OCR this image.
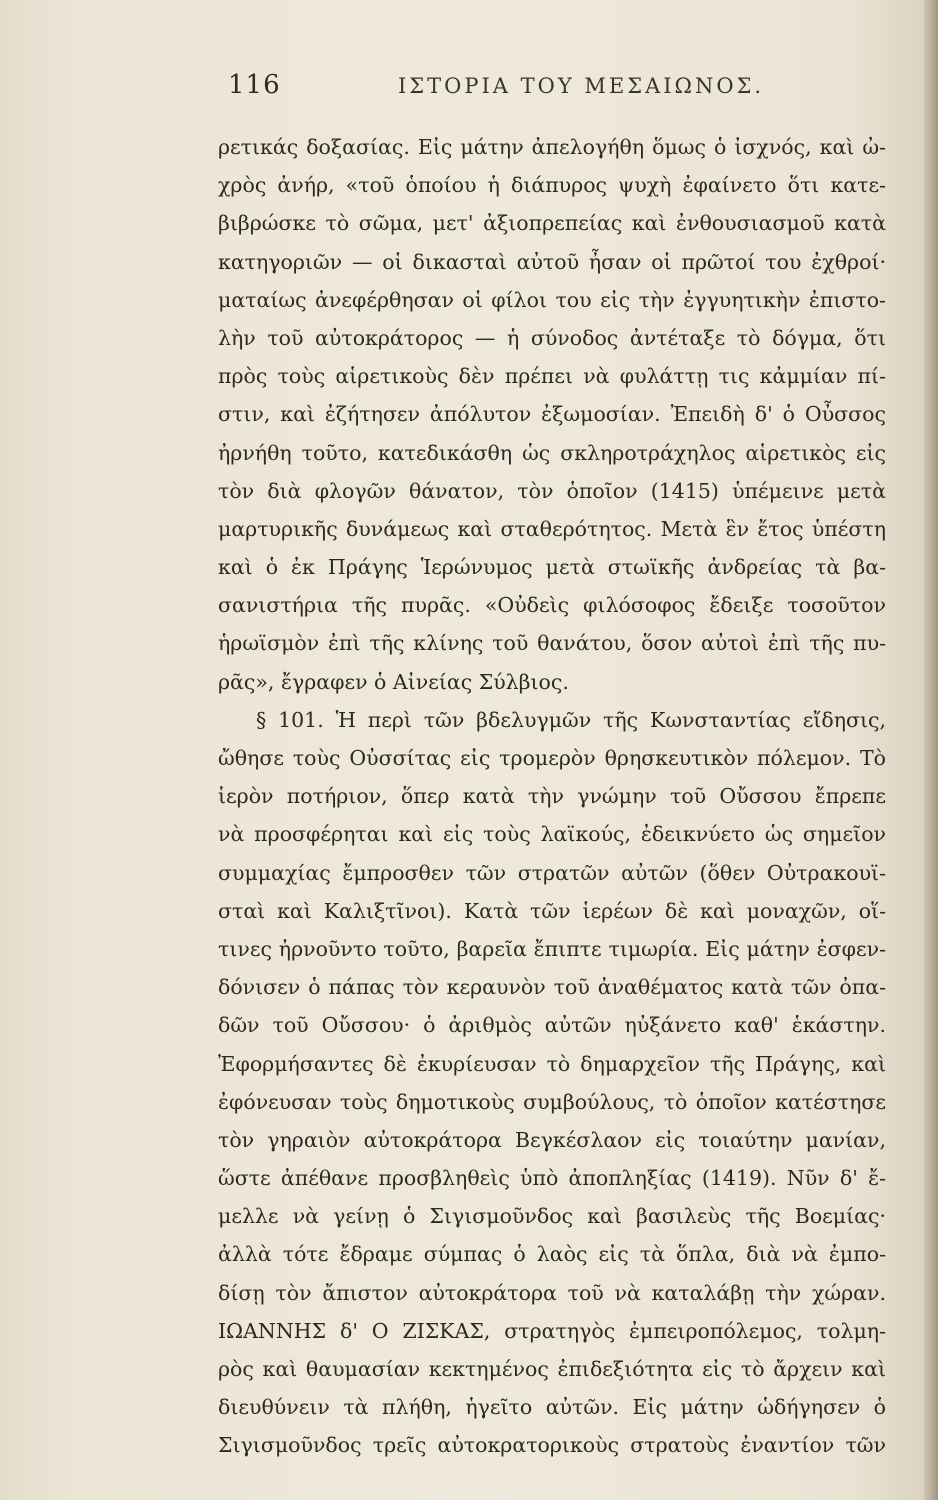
116	ΙΣΤΟΡΙΑ ΤΟΥ ΜΕΣΑΙΩΝΟΣ.
ρετικάς δοξασίας. Εἰς μάτην ἀπελογήθη ὅμως ὁ ἰσχνός, καὶ ὠ-
χρὸς ἀνήρ, «τοῦ ὁποίου ἡ διάπυρος ψυχὴ ἐφαίνετο ὅτι κατε-
βιβρώσκε τὸ σῶμα, μετ' ἀξιοπρεπείας καὶ ἐνθουσιασμοῦ κατὰ
κατηγοριῶν — οἱ δικασταὶ αὐτοῦ ἦσαν οἱ πρῶτοί του ἐχθροί·
ματαίως ἀνεφέρθησαν οἱ φίλοι του εἰς τὴν ἐγγυητικὴν ἐπιστο-
λὴν τοῦ αὐτοκράτορος — ἡ σύνοδος ἀντέταξε τὸ δόγμα, ὅτι
πρὸς τοὺς αἱρετικοὺς δὲν πρέπει νὰ φυλάττῃ τις κἀμμίαν πί-
στιν, καὶ ἐζήτησεν ἀπόλυτον ἐξωμοσίαν. Ἐπειδὴ δ' ὁ Οὖσσος
ἠρνήθη τοῦτο, κατεδικάσθη ὡς σκληροτράχηλος αἱρετικὸς εἰς
τὸν διὰ φλογῶν θάνατον, τὸν ὁποῖον (1415) ὑπέμεινε μετὰ
μαρτυρικῆς δυνάμεως καὶ σταθερότητος. Μετὰ ἓν ἔτος ὑπέστη
καὶ ὁ ἐκ Πράγης Ἱερώνυμος μετὰ στωϊκῆς ἀνδρείας τὰ βα-
σανιστήρια τῆς πυρᾶς. «Οὐδεὶς φιλόσοφος ἔδειξε τοσοῦτον
ἡρωϊσμὸν ἐπὶ τῆς κλίνης τοῦ θανάτου, ὅσον αὐτοὶ ἐπὶ τῆς πυ-
ρᾶς», ἔγραφεν ὁ Αἰνείας Σύλβιος.
§ 101. Ἡ περὶ τῶν βδελυγμῶν τῆς Κωνσταντίας εἴδησις,
ὤθησε τοὺς Οὐσσίτας εἰς τρομερὸν θρησκευτικὸν πόλεμον. Τὸ
ἱερὸν ποτήριον, ὅπερ κατὰ τὴν γνώμην τοῦ Οὔσσου ἔπρεπε
νὰ προσφέρηται καὶ εἰς τοὺς λαϊκούς, ἐδεικνύετο ὡς σημεῖον
συμμαχίας ἔμπροσθεν τῶν στρατῶν αὐτῶν (ὅθεν Οὐτρακουϊ-
σταὶ καὶ Καλιξτῖνοι). Κατὰ τῶν ἱερέων δὲ καὶ μοναχῶν, οἵ-
τινες ἠρνοῦντο τοῦτο, βαρεῖα ἔπιπτε τιμωρία. Εἰς μάτην ἐσφεν-
δόνισεν ὁ πάπας τὸν κεραυνὸν τοῦ ἀναθέματος κατὰ τῶν ὀπα-
δῶν τοῦ Οὔσσου· ὁ ἀριθμὸς αὐτῶν ηὐξάνετο καθ' ἑκάστην.
Ἐφορμήσαντες δὲ ἐκυρίευσαν τὸ δημαρχεῖον τῆς Πράγης, καὶ
ἐφόνευσαν τοὺς δημοτικοὺς συμβούλους, τὸ ὁποῖον κατέστησε
τὸν γηραιὸν αὐτοκράτορα Βεγκέσλαον εἰς τοιαύτην μανίαν,
ὥστε ἀπέθανε προσβληθεὶς ὑπὸ ἀποπληξίας (1419). Νῦν δ' ἔ-
μελλε νὰ γείνῃ ὁ Σιγισμοῦνδος καὶ βασιλεὺς τῆς Βοεμίας·
ἀλλὰ τότε ἔδραμε σύμπας ὁ λαὸς εἰς τὰ ὅπλα, διὰ νὰ ἐμπο-
δίσῃ τὸν ἄπιστον αὐτοκράτορα τοῦ νὰ καταλάβῃ τὴν χώραν.
ΙΩΑΝΝΗΣ δ' Ο ΖΙΣΚΑΣ, στρατηγὸς ἐμπειροπόλεμος, τολμη-
ρὸς καὶ θαυμασίαν κεκτημένος ἐπιδεξιότητα εἰς τὸ ἄρχειν καὶ
διευθύνειν τὰ πλήθη, ἡγεῖτο αὐτῶν. Εἰς μάτην ὡδήγησεν ὁ
Σιγισμοῦνδος τρεῖς αὐτοκρατορικοὺς στρατοὺς ἐναντίον τῶν
